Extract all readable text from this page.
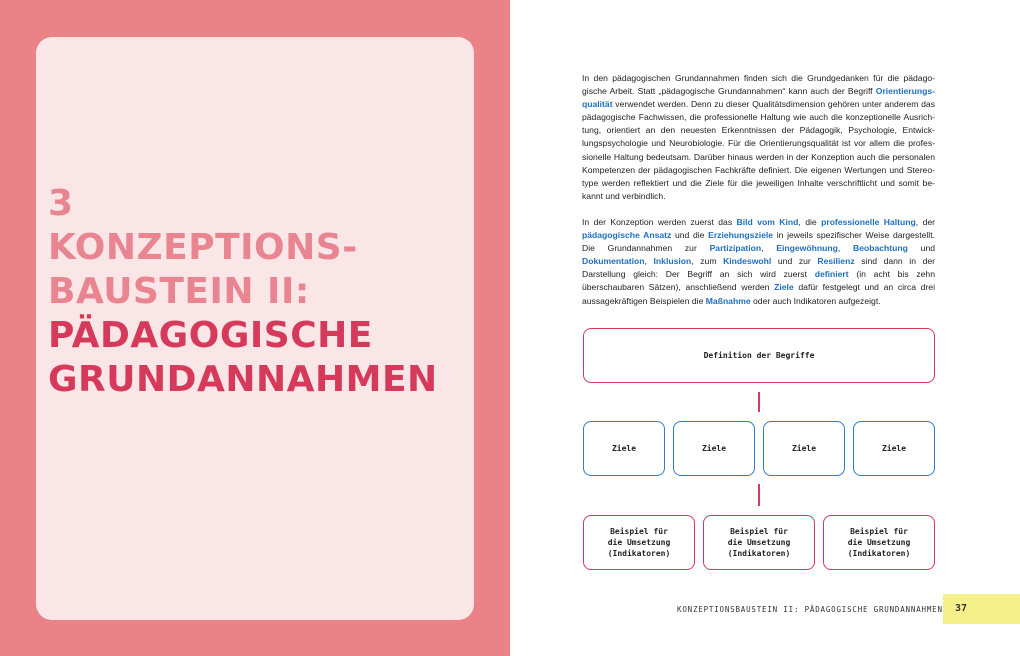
3
KONZEPTIONS-
BAUSTEIN II:
PÄDAGOGISCHE
GRUNDANNAHMEN

In den pädagogischen Grundannahmen finden sich die Grundgedanken für die pädagogische Arbeit. Statt „pädagogische Grundannahmen“ kann auch der Begriff Orientierungsqualität verwendet werden. Denn zu dieser Qualitätsdimension gehören unter anderem das pädagogische Fachwissen, die professionelle Haltung wie auch die konzeptionelle Ausrichtung, orientiert an den neuesten Erkenntnissen der Pädagogik, Psychologie, Entwicklungspsychologie und Neurobiologie. Für die Orientierungsqualität ist vor allem die professionelle Haltung bedeutsam. Darüber hinaus werden in der Konzeption auch die personalen Kompetenzen der pädagogischen Fachkräfte definiert. Die eigenen Wertungen und Stereotype werden reflektiert und die Ziele für die jeweiligen Inhalte verschriftlicht und somit bekannt und verbindlich.

In der Konzeption werden zuerst das Bild vom Kind, die professionelle Haltung, der pädagogische Ansatz und die Erziehungsziele in jeweils spezifischer Weise dargestellt. Die Grundannahmen zur Partizipation, Eingewöhnung, Beobachtung und Dokumentation, Inklusion, zum Kindeswohl und zur Resilienz sind dann in der Darstellung gleich: Der Begriff an sich wird zuerst definiert (in acht bis zehn überschaubaren Sätzen), anschließend werden Ziele dafür festgelegt und an circa drei aussagekräftigen Beispielen die Maßnahme oder auch Indikatoren aufgezeigt.

Definition der Begriffe
Ziele	Ziele	Ziele	Ziele
Beispiel für
die Umsetzung
(Indikatoren)
Beispiel für
die Umsetzung
(Indikatoren)
Beispiel für
die Umsetzung
(Indikatoren)
KONZEPTIONSBAUSTEIN II: PÄDAGOGISCHE GRUNDANNAHMEN 37
